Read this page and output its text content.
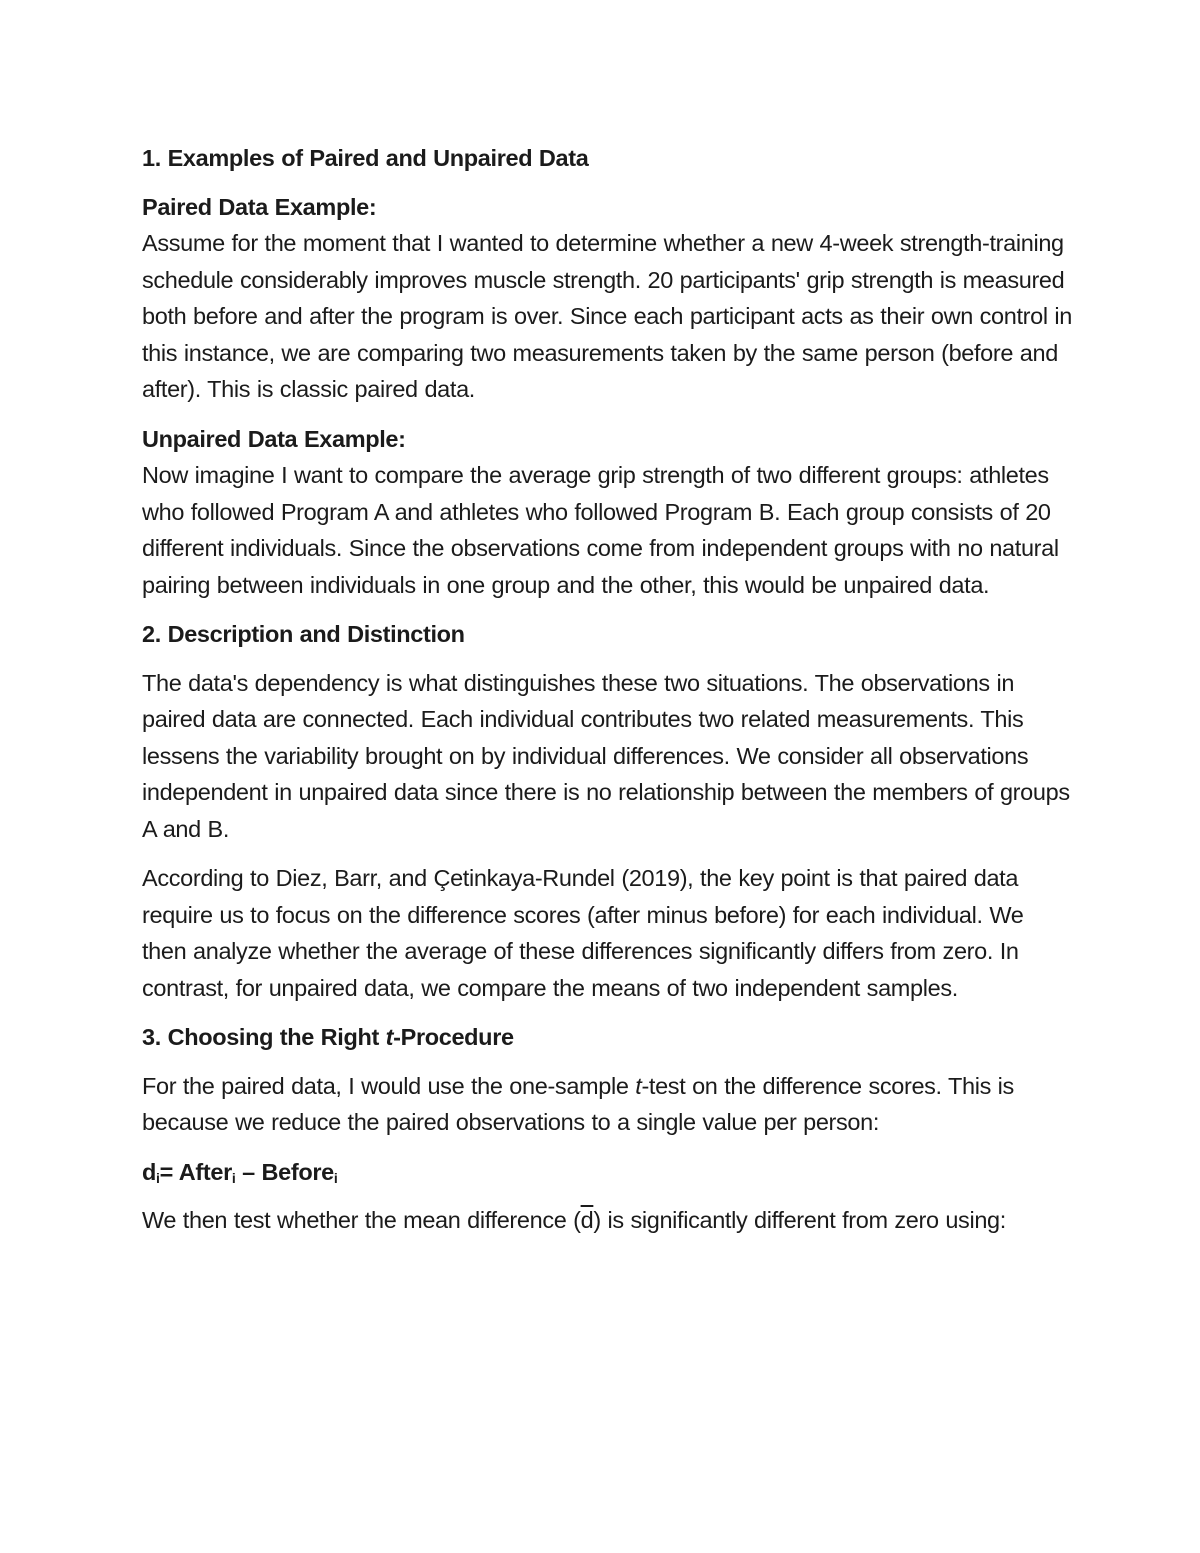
1. Examples of Paired and Unpaired Data
Paired Data Example:
Assume for the moment that I wanted to determine whether a new 4-week strength-training schedule considerably improves muscle strength. 20 participants' grip strength is measured both before and after the program is over. Since each participant acts as their own control in this instance, we are comparing two measurements taken by the same person (before and after). This is classic paired data.
Unpaired Data Example:
Now imagine I want to compare the average grip strength of two different groups: athletes who followed Program A and athletes who followed Program B. Each group consists of 20 different individuals. Since the observations come from independent groups with no natural pairing between individuals in one group and the other, this would be unpaired data.
2. Description and Distinction
The data's dependency is what distinguishes these two situations. The observations in paired data are connected. Each individual contributes two related measurements. This lessens the variability brought on by individual differences. We consider all observations independent in unpaired data since there is no relationship between the members of groups A and B.
According to Diez, Barr, and Çetinkaya-Rundel (2019), the key point is that paired data require us to focus on the difference scores (after minus before) for each individual. We then analyze whether the average of these differences significantly differs from zero. In contrast, for unpaired data, we compare the means of two independent samples.
3. Choosing the Right t-Procedure
For the paired data, I would use the one-sample t-test on the difference scores. This is because we reduce the paired observations to a single value per person:
$d_i=$ After$_i$ – Before$_i$
We then test whether the mean difference $(\overline{d})$ is significantly different from zero using:
